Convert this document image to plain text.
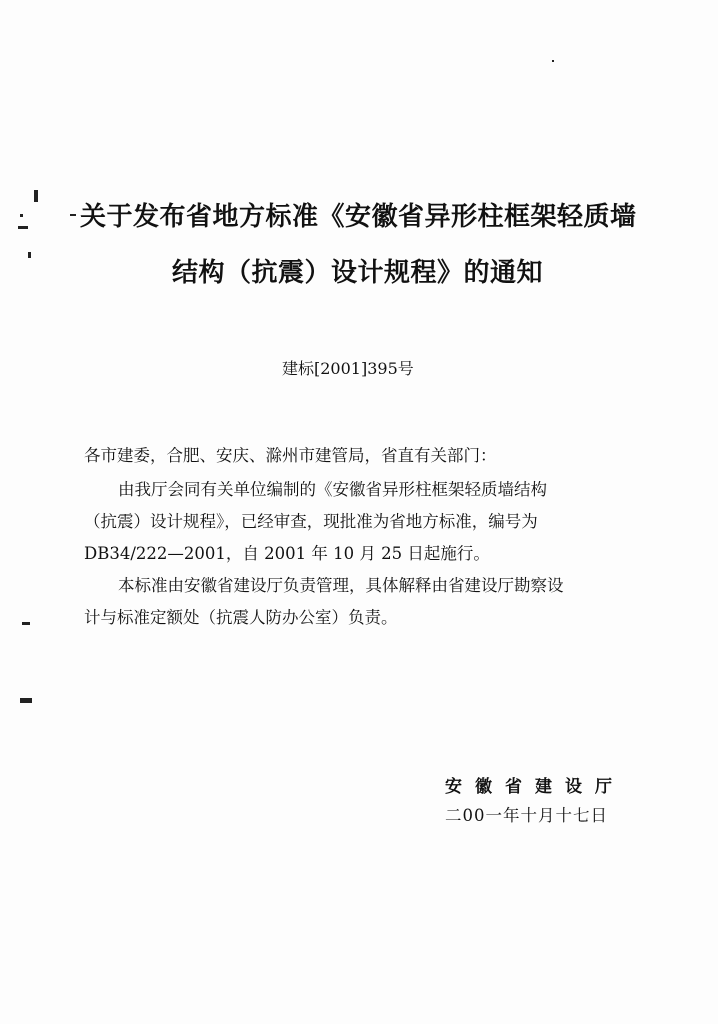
关于发布省地方标准《安徽省异形柱框架轻质墙
结构（抗震）设计规程》的通知
建标[2001]395号
各市建委，合肥、安庆、滁州市建管局，省直有关部门：
由我厅会同有关单位编制的《安徽省异形柱框架轻质墙结构
（抗震）设计规程》，已经审查，现批准为省地方标准，编号为
DB34/222—2001，自 2001 年 10 月 25 日起施行。
本标准由安徽省建设厅负责管理，具体解释由省建设厅勘察设
计与标准定额处（抗震人防办公室）负责。
安徽省建设厅
二00一年十月十七日
